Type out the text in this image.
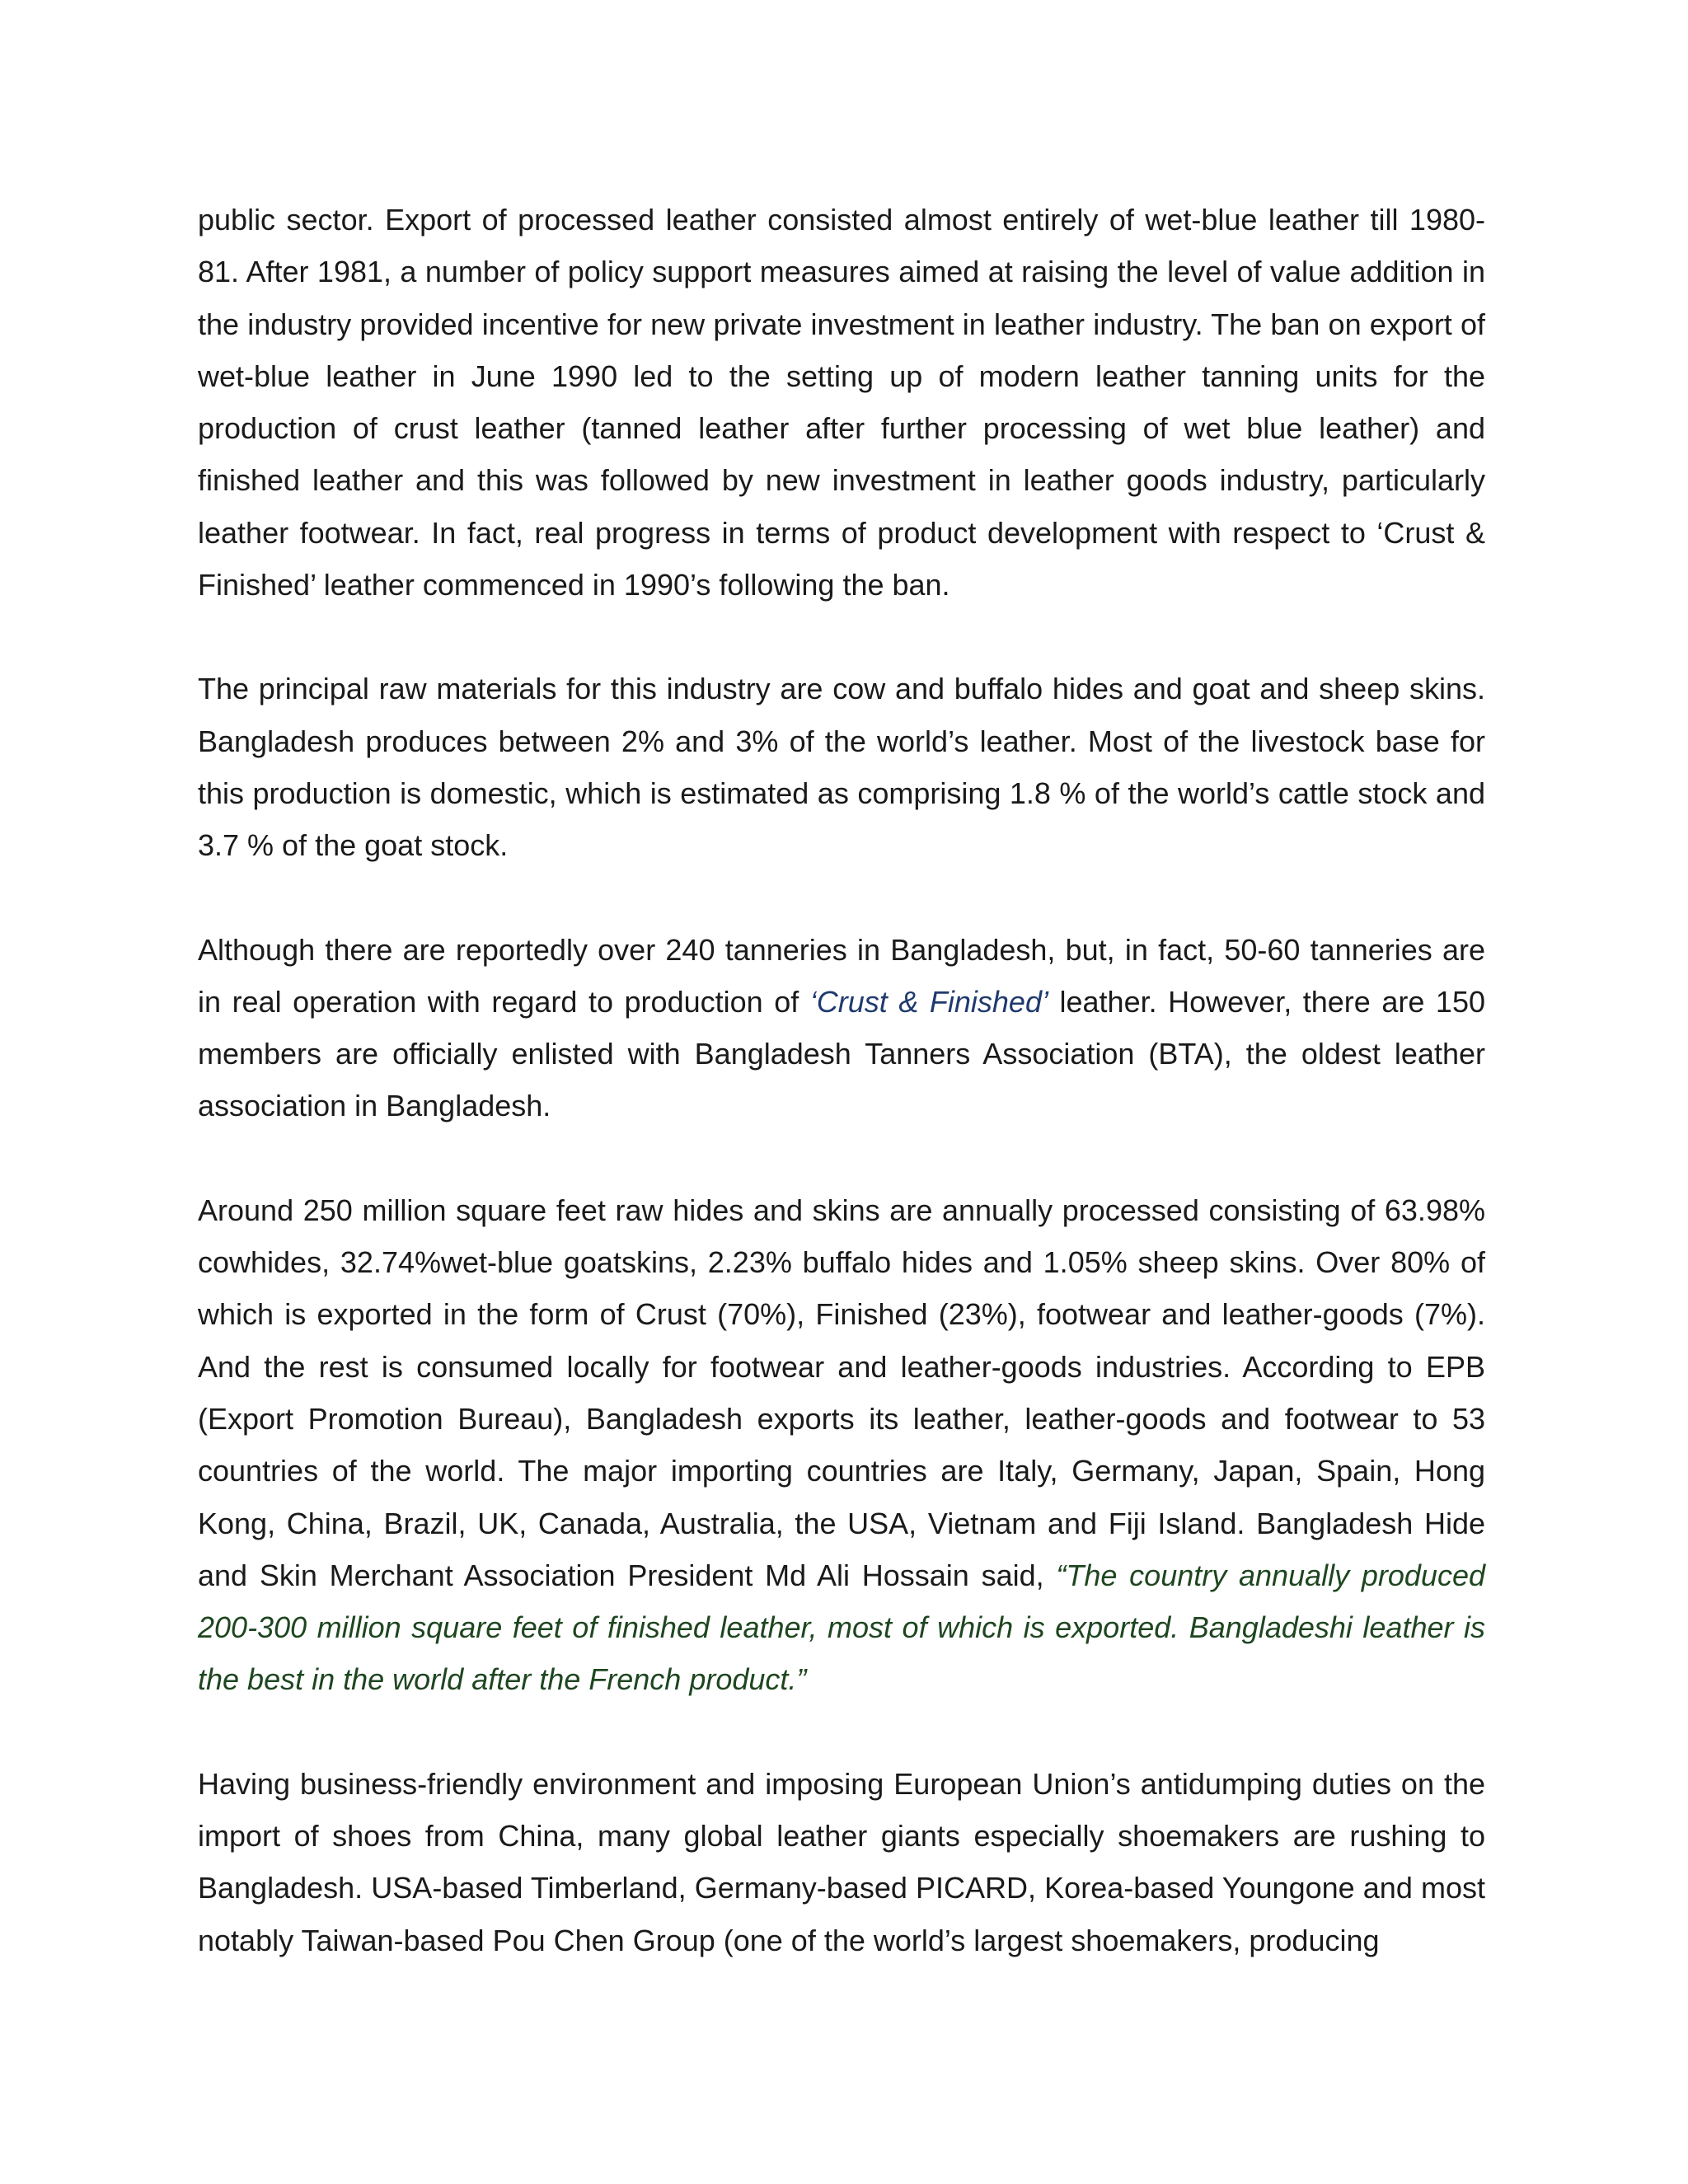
public sector. Export of processed leather consisted almost entirely of wet-blue leather till 1980-81. After 1981, a number of policy support measures aimed at raising the level of value addition in the industry provided incentive for new private investment in leather industry. The ban on export of wet-blue leather in June 1990 led to the setting up of modern leather tanning units for the production of crust leather (tanned leather after further processing of wet blue leather) and finished leather and this was followed by new investment in leather goods industry, particularly leather footwear. In fact, real progress in terms of product development with respect to ‘Crust & Finished’ leather commenced in 1990’s following the ban.

The principal raw materials for this industry are cow and buffalo hides and goat and sheep skins. Bangladesh produces between 2% and 3% of the world’s leather. Most of the livestock base for this production is domestic, which is estimated as comprising 1.8 % of the world’s cattle stock and 3.7 % of the goat stock.

Although there are reportedly over 240 tanneries in Bangladesh, but, in fact, 50-60 tanneries are in real operation with regard to production of ‘Crust & Finished’ leather. However, there are 150 members are officially enlisted with Bangladesh Tanners Association (BTA), the oldest leather association in Bangladesh.

Around 250 million square feet raw hides and skins are annually processed consisting of 63.98% cowhides, 32.74%wet-blue goatskins, 2.23% buffalo hides and 1.05% sheep skins. Over 80% of which is exported in the form of Crust (70%), Finished (23%), footwear and leather-goods (7%). And the rest is consumed locally for footwear and leather-goods industries. According to EPB (Export Promotion Bureau), Bangladesh exports its leather, leather-goods and footwear to 53 countries of the world. The major importing countries are Italy, Germany, Japan, Spain, Hong Kong, China, Brazil, UK, Canada, Australia, the USA, Vietnam and Fiji Island. Bangladesh Hide and Skin Merchant Association President Md Ali Hossain said, “The country annually produced 200-300 million square feet of finished leather, most of which is exported. Bangladeshi leather is the best in the world after the French product.”

Having business-friendly environment and imposing European Union’s antidumping duties on the import of shoes from China, many global leather giants especially shoemakers are rushing to Bangladesh. USA-based Timberland, Germany-based PICARD, Korea-based Youngone and most notably Taiwan-based Pou Chen Group (one of the world’s largest shoemakers, producing
